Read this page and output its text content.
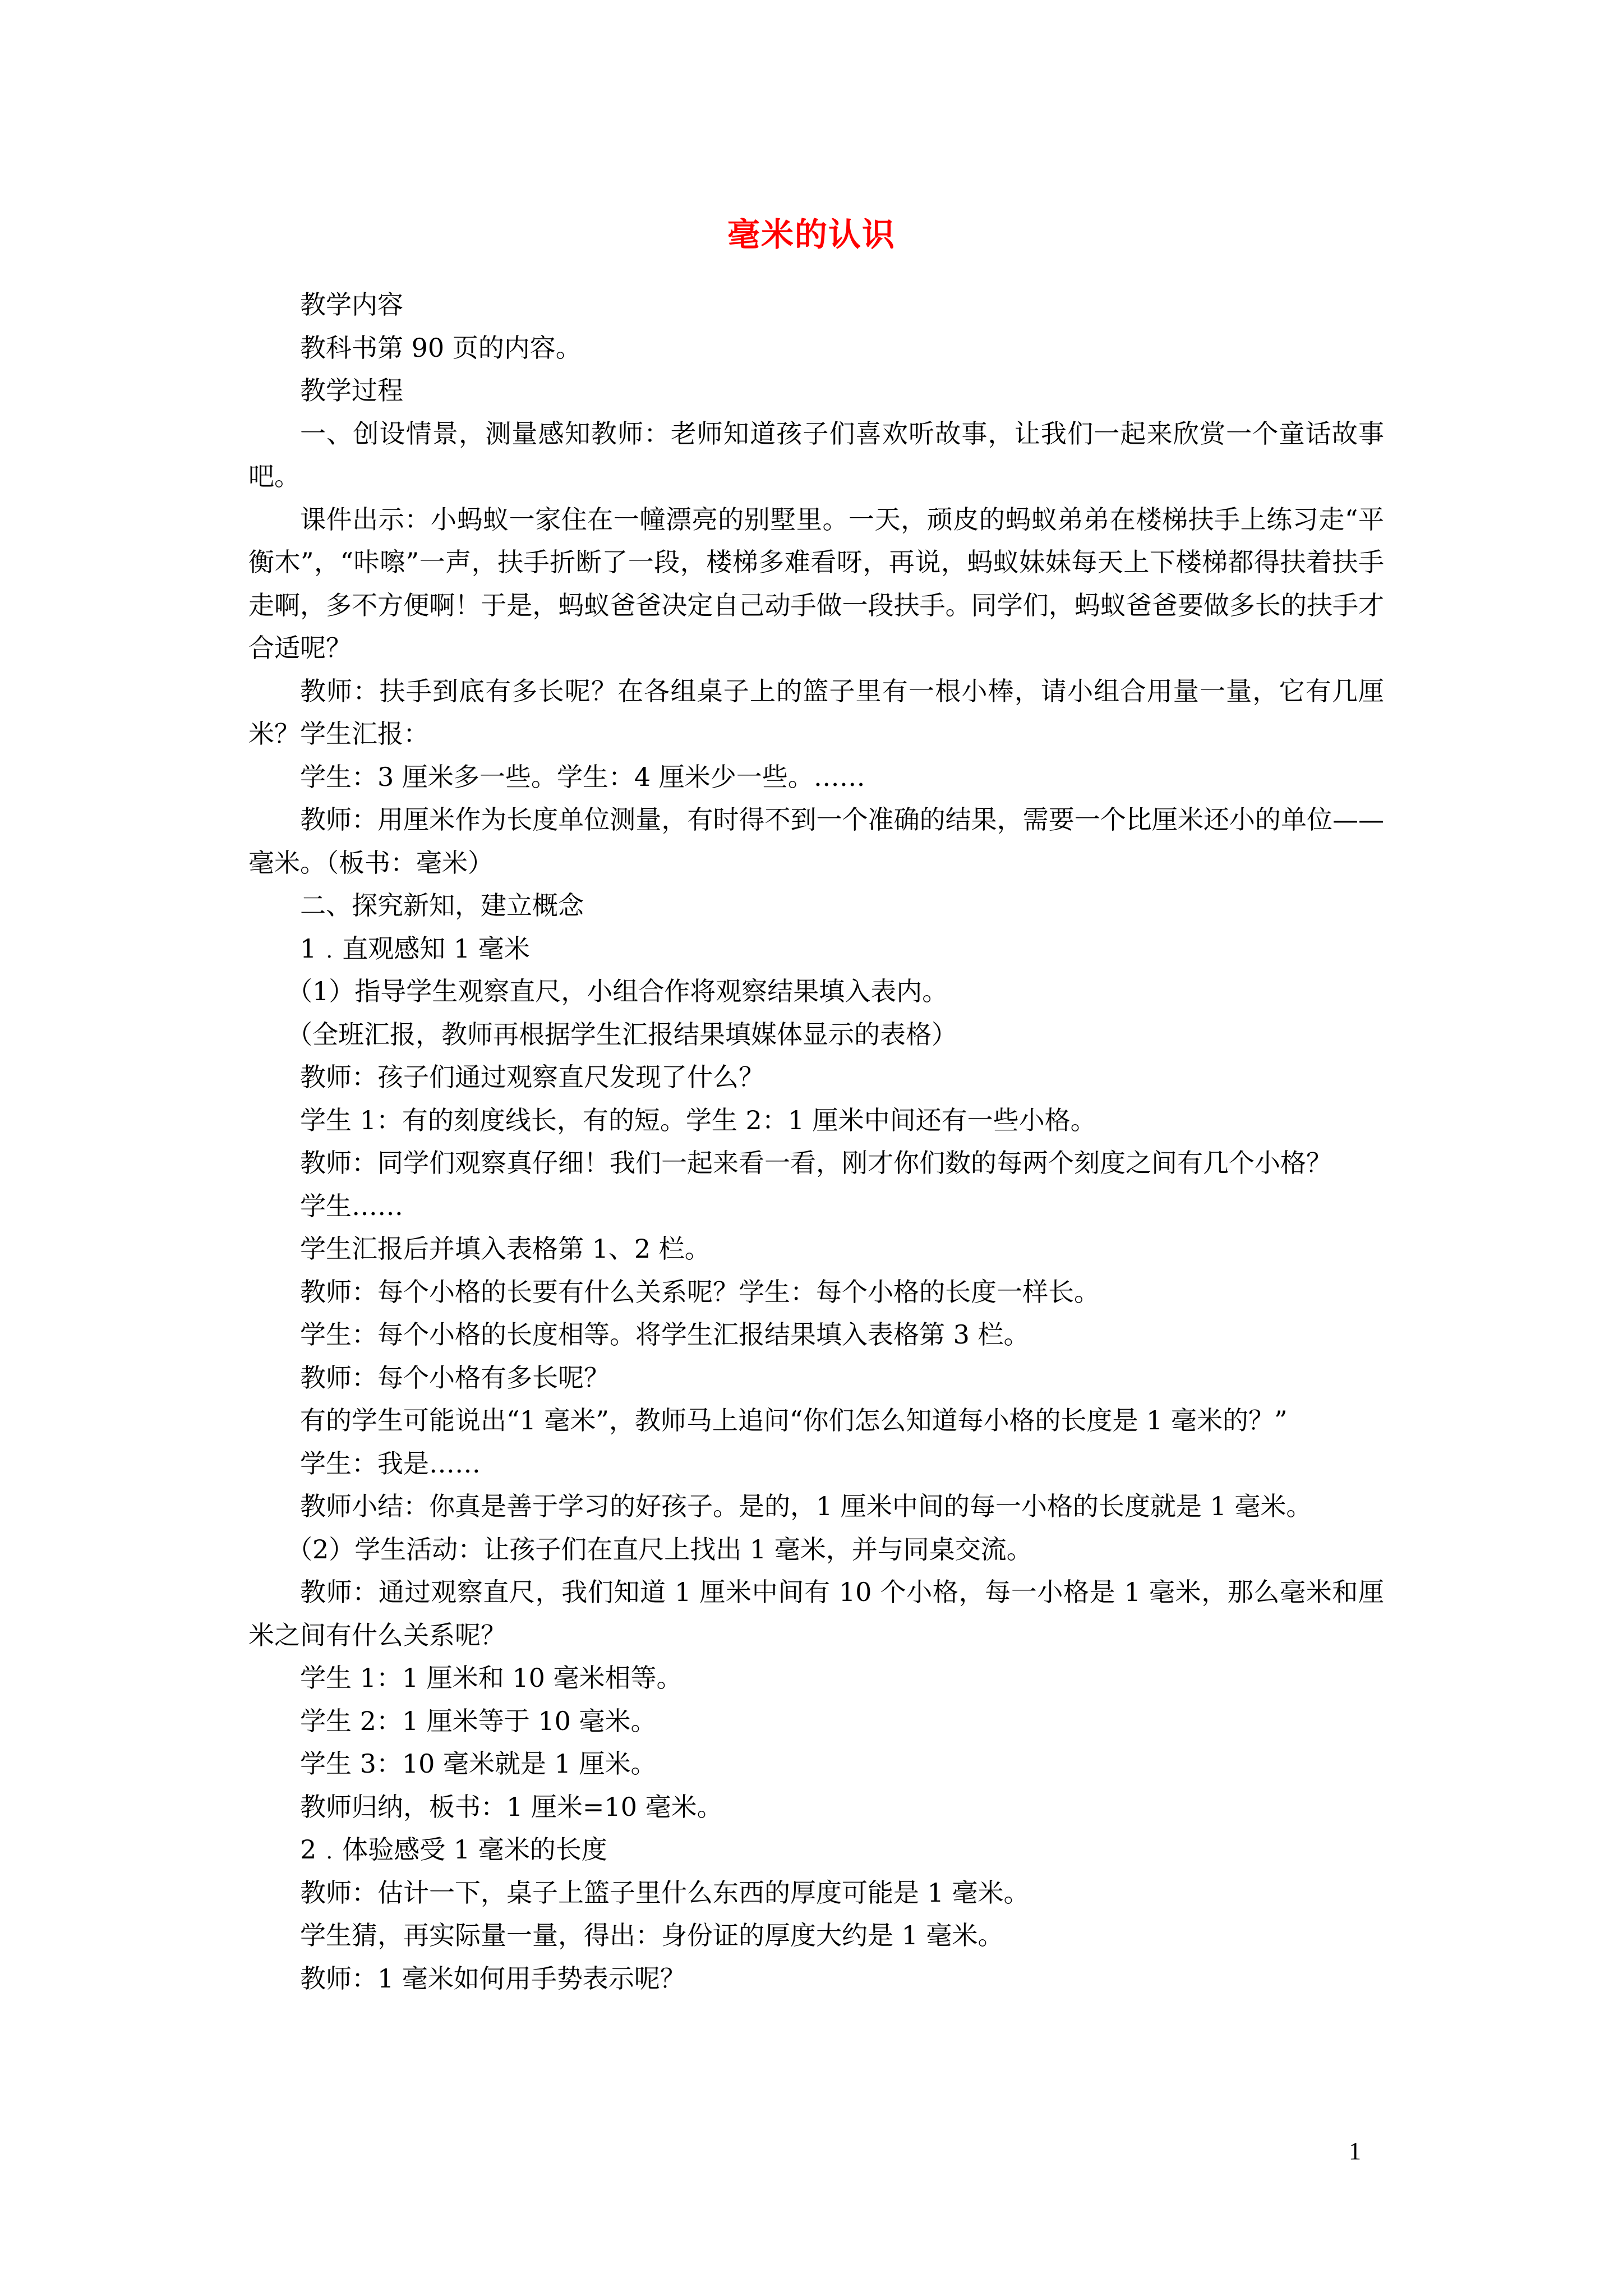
毫米的认识

教学内容

教科书第 90 页的内容。

教学过程

一、创设情景，测量感知教师：老师知道孩子们喜欢听故事，让我们一起来欣赏一个童话故事吧。

课件出示：小蚂蚁一家住在一幢漂亮的别墅里。一天，顽皮的蚂蚁弟弟在楼梯扶手上练习走“平衡木”，“咔嚓”一声，扶手折断了一段，楼梯多难看呀，再说，蚂蚁妹妹每天上下楼梯都得扶着扶手走啊，多不方便啊！于是，蚂蚁爸爸决定自己动手做一段扶手。同学们，蚂蚁爸爸要做多长的扶手才合适呢？

教师：扶手到底有多长呢？在各组桌子上的篮子里有一根小棒，请小组合用量一量，它有几厘米？学生汇报：

学生：3 厘米多一些。学生：4 厘米少一些。……

教师：用厘米作为长度单位测量，有时得不到一个准确的结果，需要一个比厘米还小的单位——毫米。（板书：毫米）

二、探究新知，建立概念

1﹒直观感知 1 毫米

（1）指导学生观察直尺，小组合作将观察结果填入表内。

（全班汇报，教师再根据学生汇报结果填媒体显示的表格）

教师：孩子们通过观察直尺发现了什么？

学生 1：有的刻度线长，有的短。学生 2：1 厘米中间还有一些小格。

教师：同学们观察真仔细！我们一起来看一看，刚才你们数的每两个刻度之间有几个小格？

学生……

学生汇报后并填入表格第 1、2 栏。

教师：每个小格的长要有什么关系呢？学生：每个小格的长度一样长。

学生：每个小格的长度相等。将学生汇报结果填入表格第 3 栏。

教师：每个小格有多长呢？

有的学生可能说出“1 毫米”，教师马上追问“你们怎么知道每小格的长度是 1 毫米的？”

学生：我是……

教师小结：你真是善于学习的好孩子。是的，1 厘米中间的每一小格的长度就是 1 毫米。

（2）学生活动：让孩子们在直尺上找出 1 毫米，并与同桌交流。

教师：通过观察直尺，我们知道 1 厘米中间有 10 个小格，每一小格是 1 毫米，那么毫米和厘米之间有什么关系呢？

学生 1：1 厘米和 10 毫米相等。

学生 2：1 厘米等于 10 毫米。

学生 3：10 毫米就是 1 厘米。

教师归纳，板书：1 厘米=10 毫米。

2﹒体验感受 1 毫米的长度

教师：估计一下，桌子上篮子里什么东西的厚度可能是 1 毫米。

学生猜，再实际量一量，得出：身份证的厚度大约是 1 毫米。

教师：1 毫米如何用手势表示呢？

1
